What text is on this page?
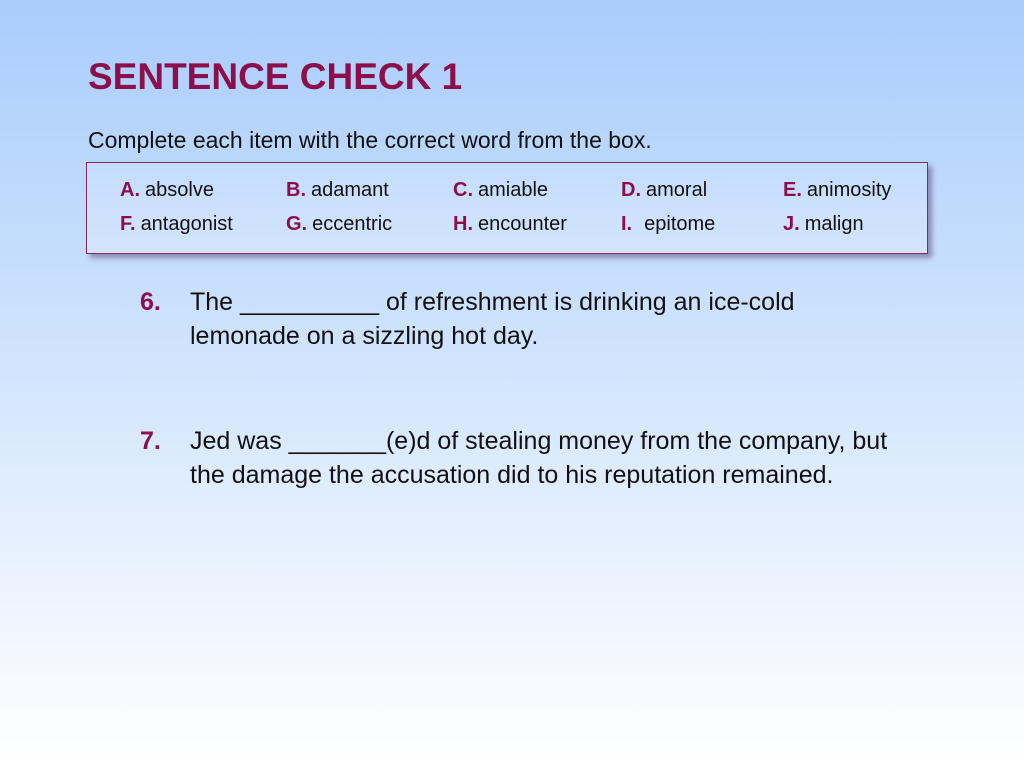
SENTENCE CHECK 1
Complete each item with the correct word from the box.
A. absolve	B. adamant	C. amiable	D. amoral	E. animosity
F. antagonist	G. eccentric	H. encounter	I. epitome	J. malign
6. The __________ of refreshment is drinking an ice-cold lemonade on a sizzling hot day.
7. Jed was _______(e)d of stealing money from the company, but the damage the accusation did to his reputation remained.
